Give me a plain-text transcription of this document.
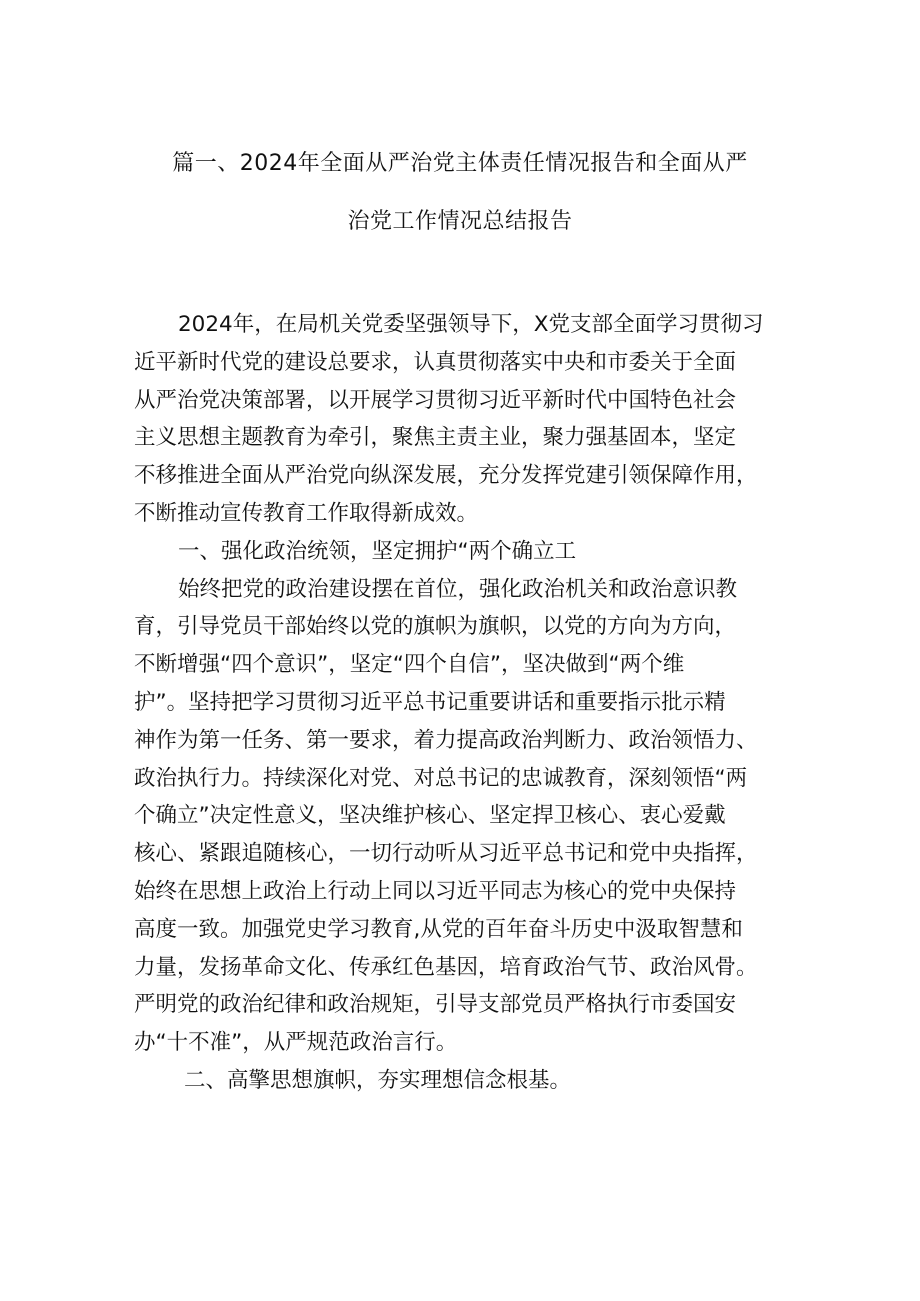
篇一、2024年全面从严治党主体责任情况报告和全面从严
治党工作情况总结报告
2024年，在局机关党委坚强领导下，X党支部全面学习贯彻习
近平新时代党的建设总要求，认真贯彻落实中央和市委关于全面
从严治党决策部署，以开展学习贯彻习近平新时代中国特色社会
主义思想主题教育为牵引，聚焦主责主业，聚力强基固本，坚定
不移推进全面从严治党向纵深发展，充分发挥党建引领保障作用，
不断推动宣传教育工作取得新成效。
一、强化政治统领，坚定拥护“两个确立工
始终把党的政治建设摆在首位，强化政治机关和政治意识教
育，引导党员干部始终以党的旗帜为旗帜，以党的方向为方向，
不断增强“四个意识”，坚定“四个自信”，坚决做到“两个维
护”。坚持把学习贯彻习近平总书记重要讲话和重要指示批示精
神作为第一任务、第一要求，着力提高政治判断力、政治领悟力、
政治执行力。持续深化对党、对总书记的忠诚教育，深刻领悟“两
个确立”决定性意义，坚决维护核心、坚定捍卫核心、衷心爱戴
核心、紧跟追随核心，一切行动听从习近平总书记和党中央指挥，
始终在思想上政治上行动上同以习近平同志为核心的党中央保持
高度一致。加强党史学习教育,从党的百年奋斗历史中汲取智慧和
力量，发扬革命文化、传承红色基因，培育政治气节、政治风骨。
严明党的政治纪律和政治规矩，引导支部党员严格执行市委国安
办“十不准”，从严规范政治言行。
二、高擎思想旗帜，夯实理想信念根基。
